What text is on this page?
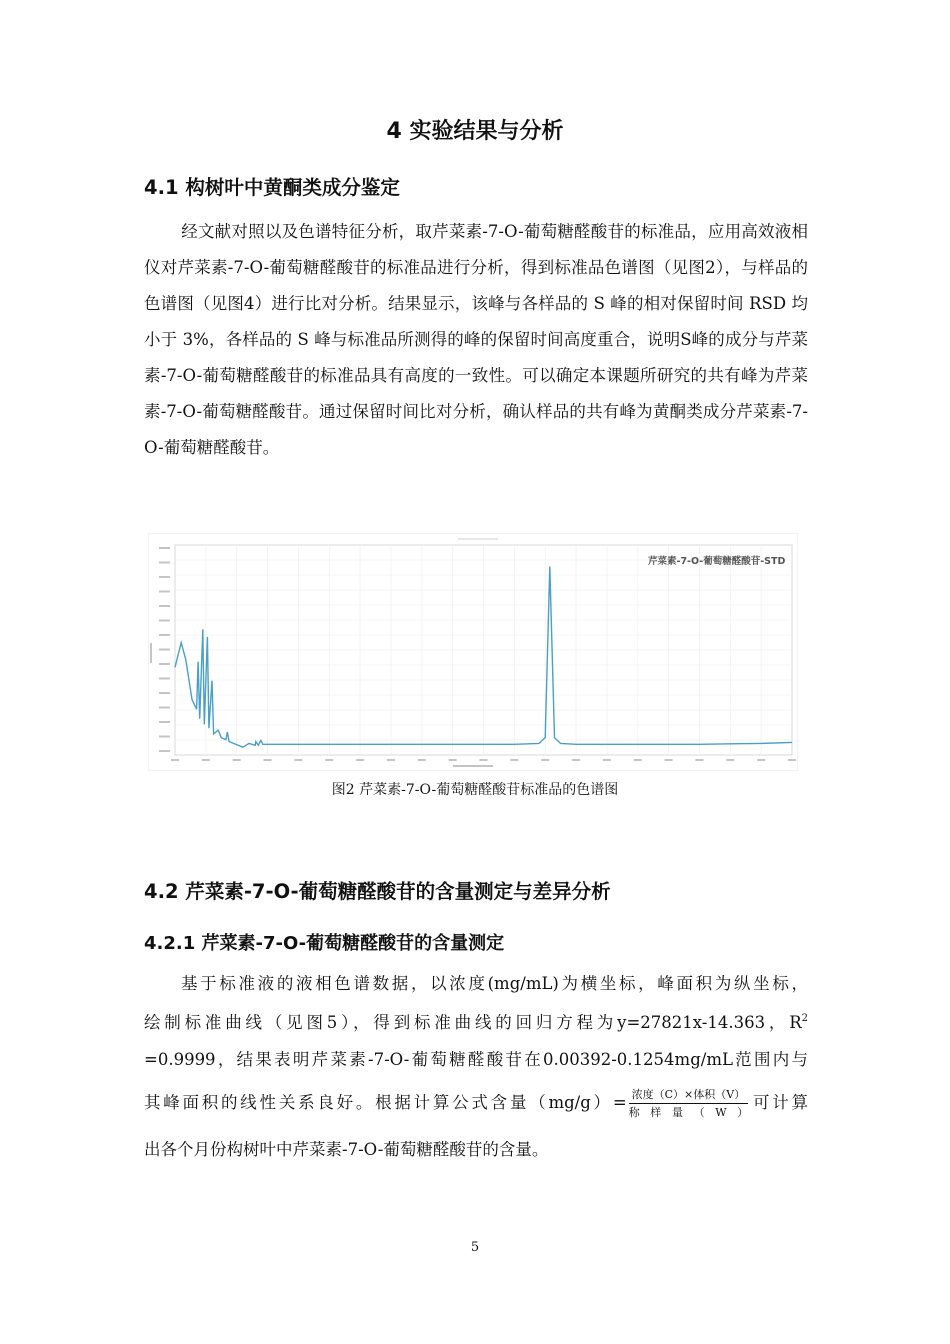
4 实验结果与分析
4.1 构树叶中黄酮类成分鉴定
经文献对照以及色谱特征分析，取芹菜素-7-O-葡萄糖醛酸苷的标准品，应用高效液相仪对芹菜素-7-O-葡萄糖醛酸苷的标准品进行分析，得到标准品色谱图（见图2），与样品的色谱图（见图4）进行比对分析。结果显示，该峰与各样品的 S 峰的相对保留时间 RSD 均小于 3%，各样品的 S 峰与标准品所测得的峰的保留时间高度重合，说明S峰的成分与芹菜素-7-O-葡萄糖醛酸苷的标准品具有高度的一致性。可以确定本课题所研究的共有峰为芹菜素-7-O-葡萄糖醛酸苷。通过保留时间比对分析，确认样品的共有峰为黄酮类成分芹菜素-7-O-葡萄糖醛酸苷。
芹菜素-7-O-葡萄糖醛酸苷-STD
图2 芹菜素-7-O-葡萄糖醛酸苷标准品的色谱图
4.2 芹菜素-7-O-葡萄糖醛酸苷的含量测定与差异分析
4.2.1 芹菜素-7-O-葡萄糖醛酸苷的含量测定
基于标准液的液相色谱数据，以浓度(mg/mL)为横坐标，峰面积为纵坐标，
绘制标准曲线（见图5），得到标准曲线的回归方程为y=27821x-14.363，$R^2$
=0.9999，结果表明芹菜素-7-O-葡萄糖醛酸苷在0.00392-0.1254mg/mL范围内与
其峰面积的线性关系良好。根据计算公式含量$(mg/g)= \frac{\text{浓度（C）×体积（V）}}{\text{称样量（W）}}$ 可计算
出各个月份构树叶中芹菜素-7-O-葡萄糖醛酸苷的含量。
5
